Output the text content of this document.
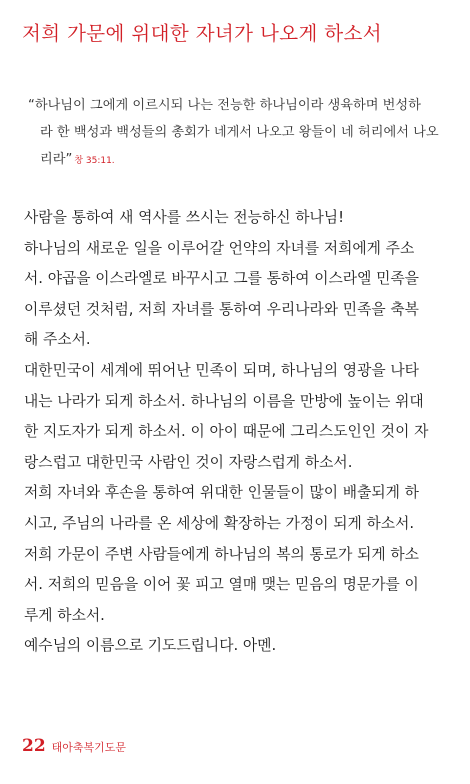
저희 가문에 위대한 자녀가 나오게 하소서
“하나님이 그에게 이르시되 나는 전능한 하나님이라 생육하며 번성하
라 한 백성과 백성들의 총회가 네게서 나오고 왕들이 네 허리에서 나오
리라” 창 35:11.
사람을 통하여 새 역사를 쓰시는 전능하신 하나님!
하나님의 새로운 일을 이루어갈 언약의 자녀를 저희에게 주소
서. 야곱을 이스라엘로 바꾸시고 그를 통하여 이스라엘 민족을
이루셨던 것처럼, 저희 자녀를 통하여 우리나라와 민족을 축복
해 주소서.
대한민국이 세계에 뛰어난 민족이 되며, 하나님의 영광을 나타
내는 나라가 되게 하소서. 하나님의 이름을 만방에 높이는 위대
한 지도자가 되게 하소서. 이 아이 때문에 그리스도인인 것이 자
랑스럽고 대한민국 사람인 것이 자랑스럽게 하소서.
저희 자녀와 후손을 통하여 위대한 인물들이 많이 배출되게 하
시고, 주님의 나라를 온 세상에 확장하는 가정이 되게 하소서.
저희 가문이 주변 사람들에게 하나님의 복의 통로가 되게 하소
서. 저희의 믿음을 이어 꽃 피고 열매 맺는 믿음의 명문가를 이
루게 하소서.
예수님의 이름으로 기도드립니다. 아멘.
22 태아축복기도문
